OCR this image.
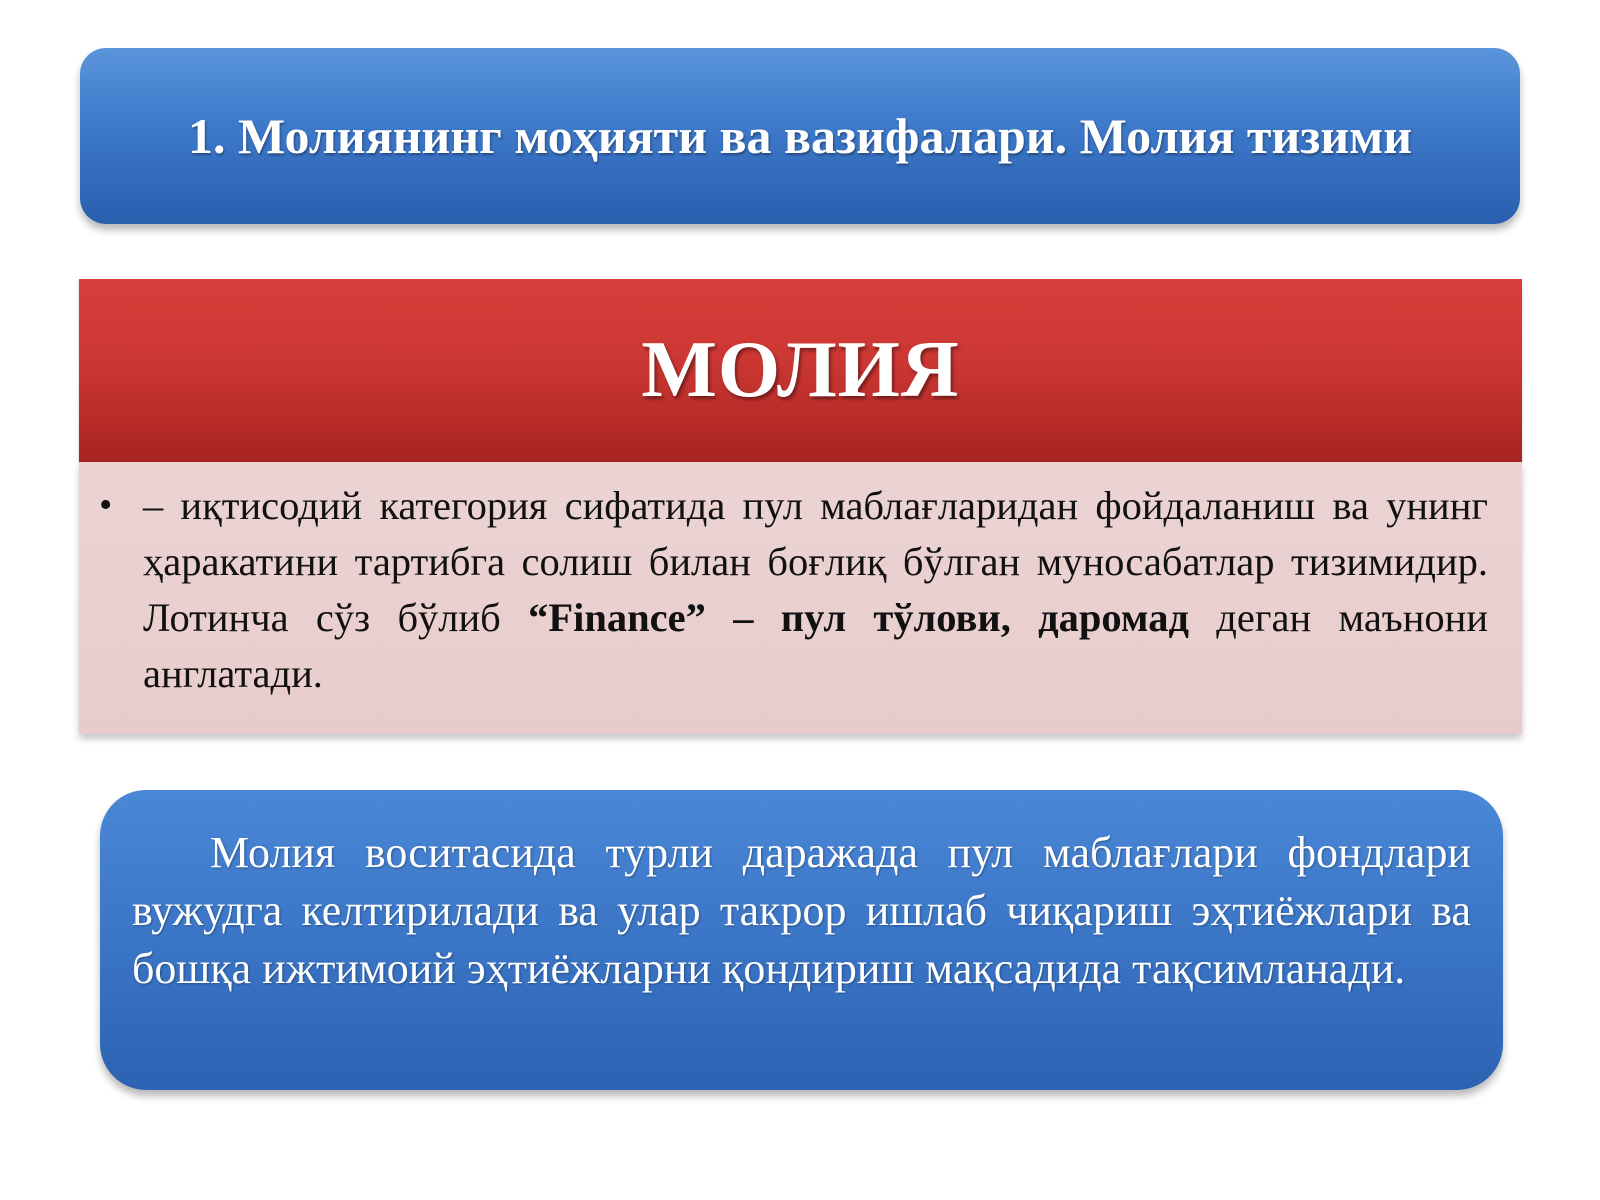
1. Молиянинг моҳияти ва вазифалари. Молия тизими
МОЛИЯ
• – иқтисодий категория сифатида пул маблағларидан фойдаланиш ва унинг ҳаракатини тартибга солиш билан боғлиқ бўлган муносабатлар тизимидир. Лотинча сўз бўлиб “Finance” – пул тўлови, даромад деган маънони англатади.
Молия воситасида турли даражада пул маблағлари фондлари вужудга келтирилади ва улар такрор ишлаб чиқариш эҳтиёжлари ва бошқа ижтимоий эҳтиёжларни қондириш мақсадида тақсимланади.
